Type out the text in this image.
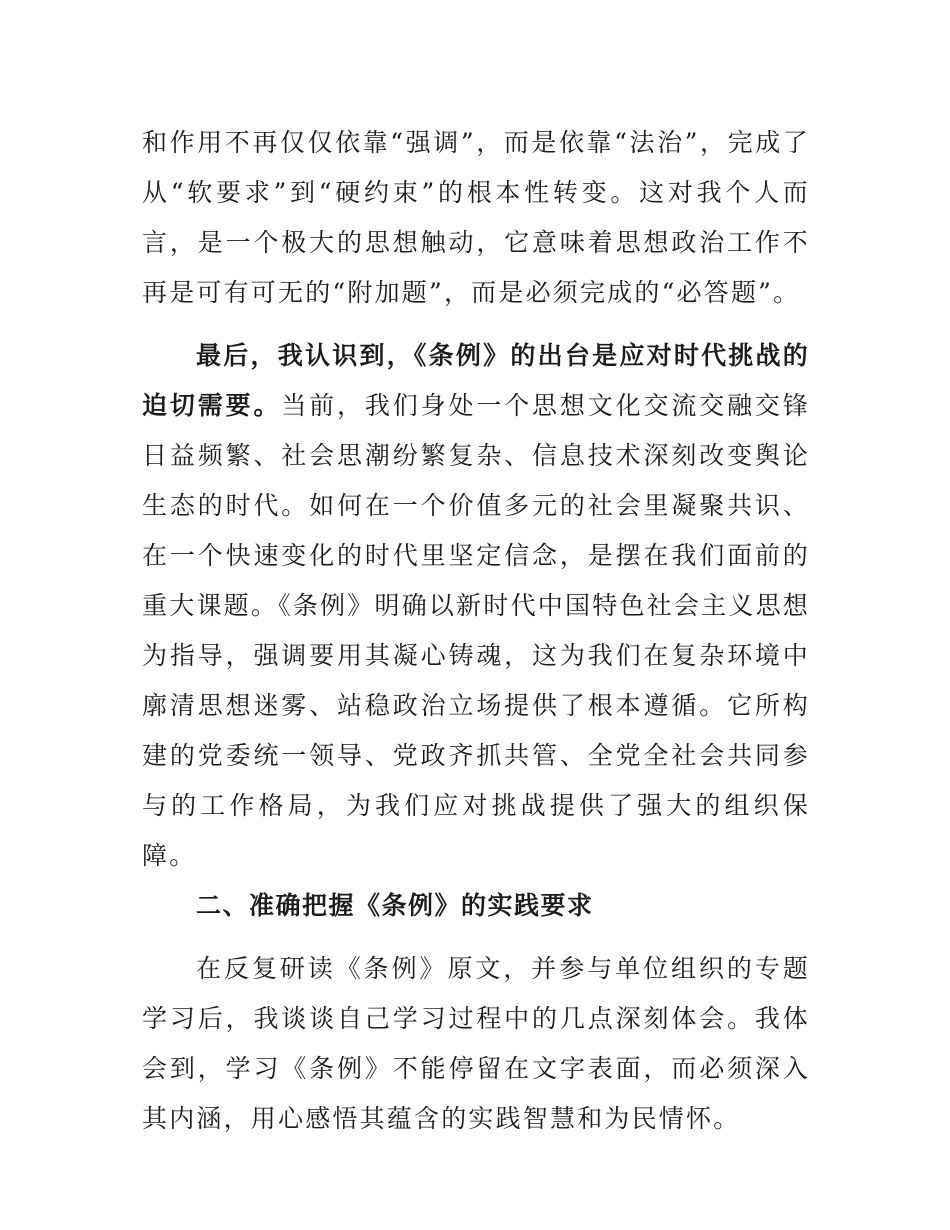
和作用不再仅仅依靠“强调”，而是依靠“法治”，完成了从“软要求”到“硬约束”的根本性转变。这对我个人而言，是一个极大的思想触动，它意味着思想政治工作不再是可有可无的“附加题”，而是必须完成的“必答题”。

最后，我认识到，《条例》的出台是应对时代挑战的迫切需要。当前，我们身处一个思想文化交流交融交锋日益频繁、社会思潮纷繁复杂、信息技术深刻改变舆论生态的时代。如何在一个价值多元的社会里凝聚共识、在一个快速变化的时代里坚定信念，是摆在我们面前的重大课题。《条例》明确以新时代中国特色社会主义思想为指导，强调要用其凝心铸魂，这为我们在复杂环境中廓清思想迷雾、站稳政治立场提供了根本遵循。它所构建的党委统一领导、党政齐抓共管、全党全社会共同参与的工作格局，为我们应对挑战提供了强大的组织保障。

二、准确把握《条例》的实践要求

在反复研读《条例》原文，并参与单位组织的专题学习后，我谈谈自己学习过程中的几点深刻体会。我体会到，学习《条例》不能停留在文字表面，而必须深入其内涵，用心感悟其蕴含的实践智慧和为民情怀。
